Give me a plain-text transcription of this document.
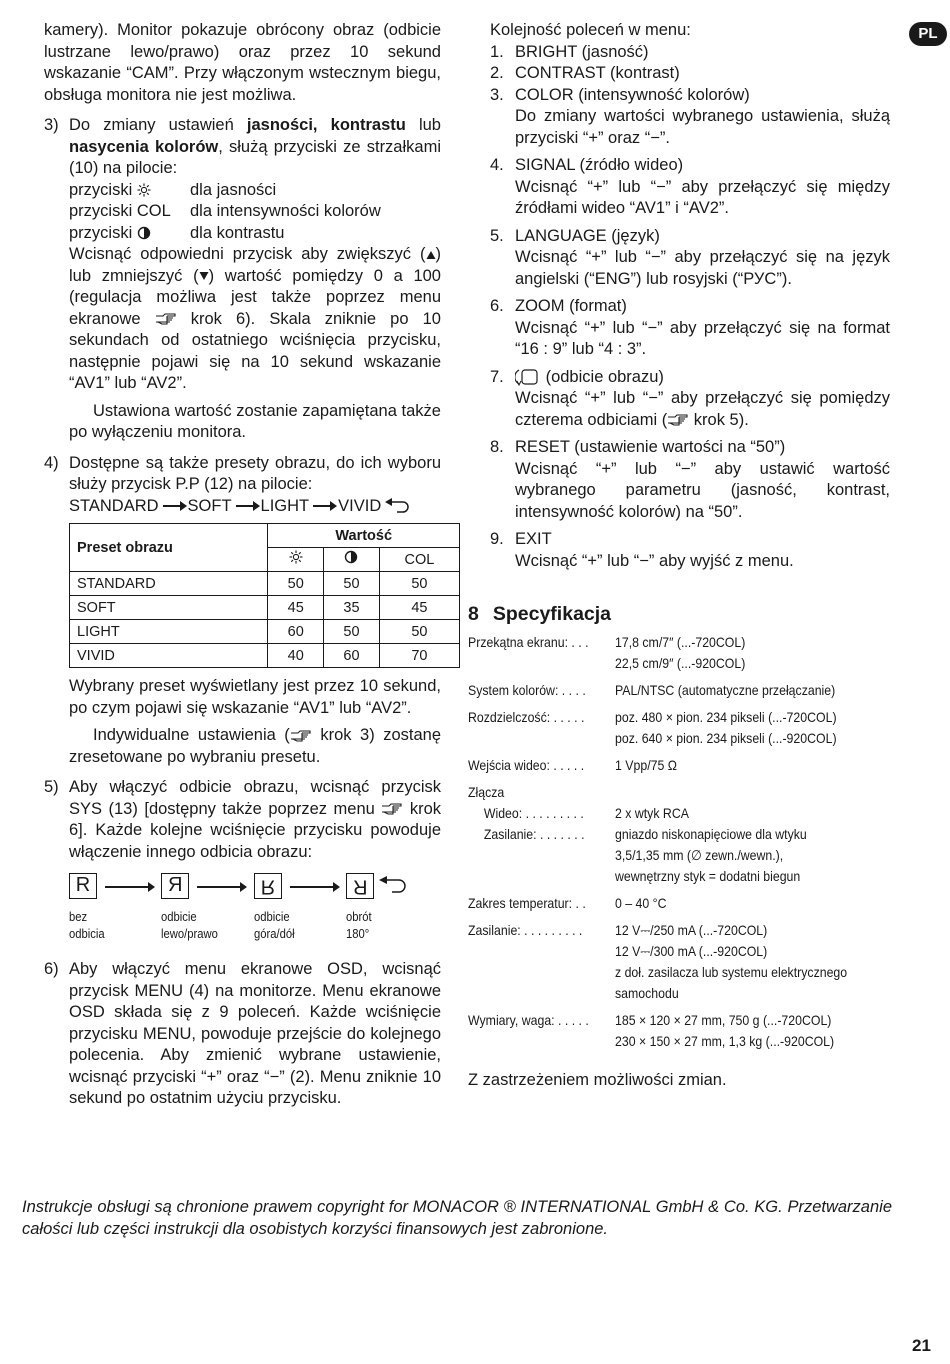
PL

kamery). Monitor pokazuje obrócony obraz (odbicie lustrzane lewo/prawo) oraz przez 10 sekund wskazanie “CAM”. Przy włączonym wstecznym biegu, obsługa monitora nie jest możliwa.

3) Do zmiany ustawień jasności, kontrastu lub nasycenia kolorów, służą przyciski ze strzałkami (10) na pilocie:

przyciski	dla jasności
przyciski COL	dla intensywności kolorów
przyciski	dla kontrastu

Wcisnąć odpowiedni przycisk aby zwiększyć ( ) lub zmniejszyć ( ) wartość pomiędzy 0 a 100 (regulacja możliwa jest także poprzez menu ekranowe  krok 6). Skala zniknie po 10 sekundach od ostatniego wciśnięcia przycisku, następnie pojawi się na 10 sekund wskazanie “AV1” lub “AV2”.

Ustawiona wartość zostanie zapamiętana także po wyłączeniu monitora.

4) Dostępne są także presety obrazu, do ich wyboru służy przycisk P.P (12) na pilocie:

STANDARD SOFT LIGHT VIVID
Preset obrazu	Wartość		
		COL
STANDARD	50	50	50
SOFT	45	35	45
LIGHT	60	50	50
VIVID	40	60	70

Wybrany preset wyświetlany jest przez 10 sekund, po czym pojawi się wskazanie “AV1” lub “AV2”.

Indywidualne ustawienia ( krok 3) zostanę zresetowane po wybraniu presetu.

5) Aby włączyć odbicie obrazu, wcisnąć przycisk SYS (13) [dostępny także poprzez menu  krok 6]. Każde kolejne wciśnięcie przycisku powoduje włączenie innego odbicia obrazu:

R	R	R	R
bez
odbicia
odbicie
lewo/prawo
odbicie
góra/dół
obrót
180°
6) Aby włączyć menu ekranowe OSD, wcisnąć przycisk MENU (4) na monitorze. Menu ekranowe OSD składa się z 9 poleceń. Każde wciśnięcie przycisku MENU, powoduje przejście do kolejnego polecenia. Aby zmienić wybrane ustawienie, wcisnąć przyciski “+” oraz “−” (2). Menu zniknie 10 sekund po ostatnim użyciu przycisku.

Kolejność poleceń w menu:

1. BRIGHT (jasność)

2. CONTRAST (kontrast)

3. COLOR (intensywność kolorów)

Do zmiany wartości wybranego ustawienia, służą przyciski “+” oraz “−”.

4. SIGNAL (źródło wideo)

Wcisnąć “+” lub “−” aby przełączyć się między źródłami wideo “AV1” i “AV2”.

5. LANGUAGE (język)

Wcisnąć “+” lub “−” aby przełączyć się na język angielski (“ENG”) lub rosyjski (“РУС”).

6. ZOOM (format)

Wcisnąć “+” lub “−” aby przełączyć się na format “16 : 9” lub “4 : 3”.

7.	(odbicie obrazu)

Wcisnąć “+” lub “−” aby przełączyć się pomiędzy czterema odbiciami ( krok 5).

8. RESET (ustawienie wartości na “50”)

Wcisnąć “+” lub “−” aby ustawić wartość wybranego parametru (jasność, kontrast, intensywność kolorów) na “50”.

9. EXIT

Wcisnąć “+” lub “−” aby wyjść z menu.

8 Specyfikacja
Przekątna ekranu: . . .	17,8 cm/7″ (...-720COL)
22,5 cm/9″ (...-920COL)
System kolorów: . . . .	PAL/NTSC (automatyczne przełączanie)
Rozdzielczość: . . . . .	poz. 480 × pion. 234 pikseli (...-720COL)
poz. 640 × pion. 234 pikseli (...-920COL)
Wejścia wideo: . . . . .	1 Vpp/75 Ω
Złącza
Wideo: . . . . . . . . .	2 x wtyk RCA
Zasilanie: . . . . . . .	gniazdo niskonapięciowe dla wtyku
3,5/1,35 mm (∅ zewn./wewn.),
wewnętrzny styk = dodatni biegun
Zakres temperatur: . .	0 – 40 °C
Zasilanie: . . . . . . . . .	12 V⎓/250 mA (...-720COL)
12 V⎓/300 mA (...-920COL)
z doł. zasilacza lub systemu elektrycznego
samochodu
Wymiary, waga: . . . . .	185 × 120 × 27 mm, 750 g (...-720COL)
230 × 150 × 27 mm, 1,3 kg (...-920COL)

Z zastrzeżeniem możliwości zmian.

Instrukcje obsługi są chronione prawem copyright for MONACOR ® INTERNATIONAL GmbH & Co. KG. Przetwarzanie całości lub części instrukcji dla osobistych korzyści finansowych jest zabronione.

21
